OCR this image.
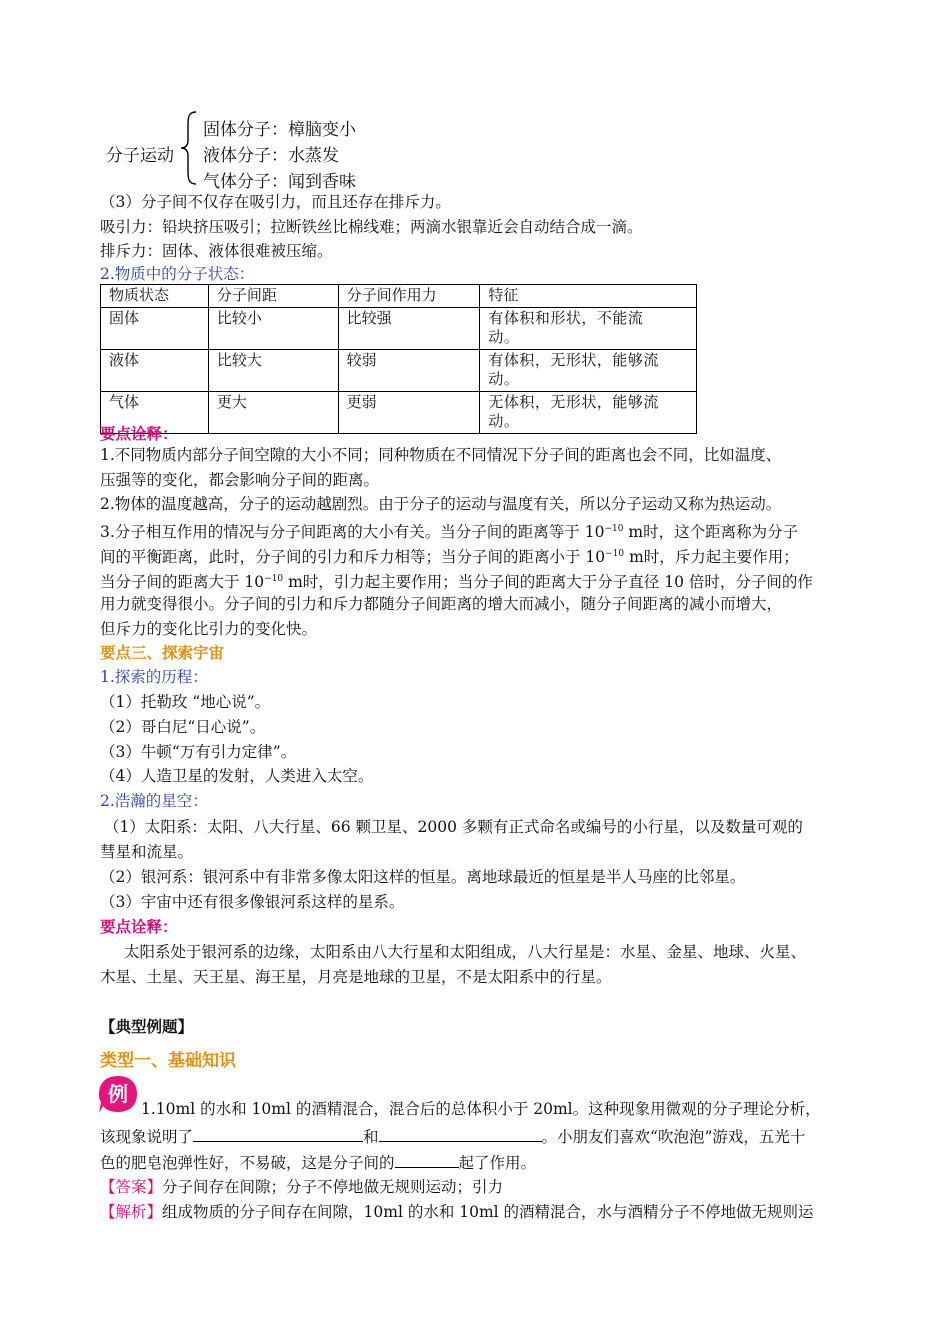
分子运动
固体分子：樟脑变小
液体分子：水蒸发
气体分子：闻到香味
（3）分子间不仅存在吸引力，而且还存在排斥力。
吸引力：铅块挤压吸引；拉断铁丝比棉线难；两滴水银靠近会自动结合成一滴。
排斥力：固体、液体很难被压缩。
2.物质中的分子状态：
物质状态	分子间距	分子间作用力	特征
固体	比较小	比较强	有体积和形状，不能流
动。
液体	比较大	较弱	有体积，无形状，能够流
动。
气体	更大	更弱	无体积，无形状，能够流
动。
要点诠释：
1.不同物质内部分子间空隙的大小不同；同种物质在不同情况下分子间的距离也会不同，比如温度、
压强等的变化，都会影响分子间的距离。
2.物体的温度越高，分子的运动越剧烈。由于分子的运动与温度有关，所以分子运动又称为热运动。
3.分子相互作用的情况与分子间距离的大小有关。当分子间的距离等于 $10^{-10}$ m时，这个距离称为分子
间的平衡距离，此时，分子间的引力和斥力相等；当分子间的距离小于 $10^{-10}$ m时，斥力起主要作用；
当分子间的距离大于 $10^{-10}$ m时，引力起主要作用；当分子间的距离大于分子直径 10 倍时，分子间的作
用力就变得很小。分子间的引力和斥力都随分子间距离的增大而减小，随分子间距离的减小而增大，
但斥力的变化比引力的变化快。
要点三、探索宇宙
1.探索的历程：
（1）托勒玫 “地心说”。
（2）哥白尼“日心说”。
（3）牛顿“万有引力定律”。
（4）人造卫星的发射，人类进入太空。
2.浩瀚的星空：
（1）太阳系：太阳、八大行星、66 颗卫星、2000 多颗有正式命名或编号的小行星，以及数量可观的
彗星和流星。
（2）银河系：银河系中有非常多像太阳这样的恒星。离地球最近的恒星是半人马座的比邻星。
（3）宇宙中还有很多像银河系这样的星系。
要点诠释：
太阳系处于银河系的边缘，太阳系由八大行星和太阳组成，八大行星是：水星、金星、地球、火星、
木星、土星、天王星、海王星，月亮是地球的卫星，不是太阳系中的行星。
【典型例题】
类型一、基础知识
例
1.10ml 的水和 10ml 的酒精混合，混合后的总体积小于 20ml。这种现象用微观的分子理论分析，
该现象说明了	和	。小朋友们喜欢“吹泡泡”游戏，五光十
色的肥皂泡弹性好，不易破，这是分子间的	起了作用。
【答案】分子间存在间隙；分子不停地做无规则运动；引力
【解析】组成物质的分子间存在间隙，10ml 的水和 10ml 的酒精混合，水与酒精分子不停地做无规则运
